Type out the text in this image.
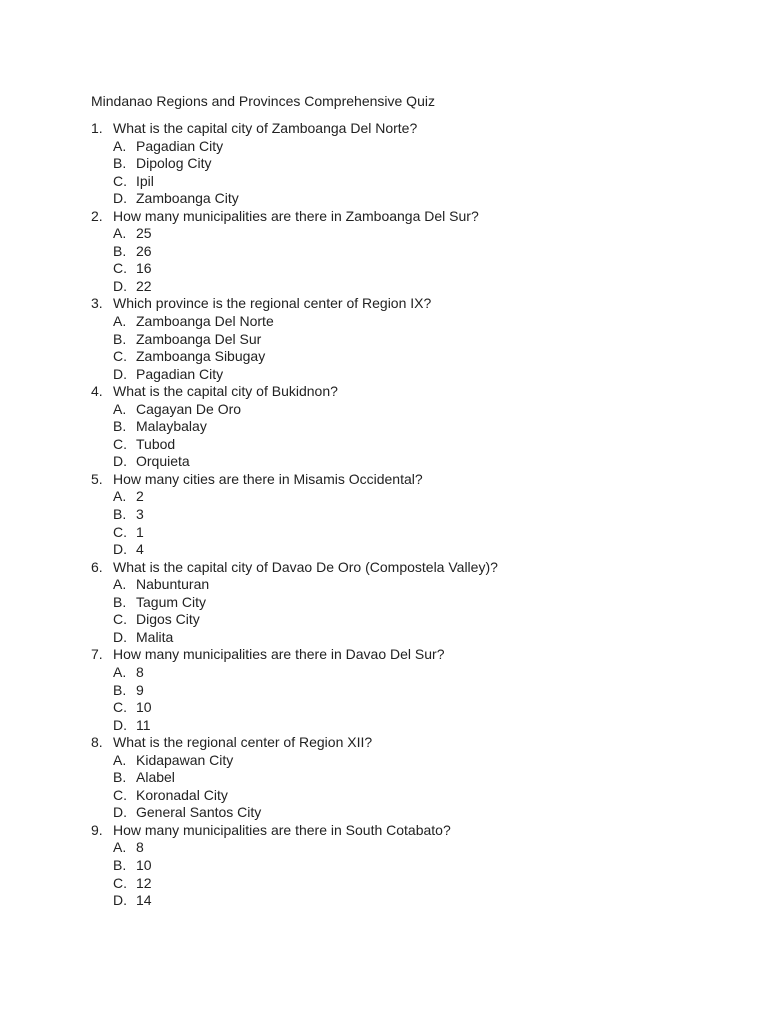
Mindanao Regions and Provinces Comprehensive Quiz
1. What is the capital city of Zamboanga Del Norte?
A. Pagadian City
B. Dipolog City
C. Ipil
D. Zamboanga City
2. How many municipalities are there in Zamboanga Del Sur?
A. 25
B. 26
C. 16
D. 22
3. Which province is the regional center of Region IX?
A. Zamboanga Del Norte
B. Zamboanga Del Sur
C. Zamboanga Sibugay
D. Pagadian City
4. What is the capital city of Bukidnon?
A. Cagayan De Oro
B. Malaybalay
C. Tubod
D. Orquieta
5. How many cities are there in Misamis Occidental?
A. 2
B. 3
C. 1
D. 4
6. What is the capital city of Davao De Oro (Compostela Valley)?
A. Nabunturan
B. Tagum City
C. Digos City
D. Malita
7. How many municipalities are there in Davao Del Sur?
A. 8
B. 9
C. 10
D. 11
8. What is the regional center of Region XII?
A. Kidapawan City
B. Alabel
C. Koronadal City
D. General Santos City
9. How many municipalities are there in South Cotabato?
A. 8
B. 10
C. 12
D. 14
